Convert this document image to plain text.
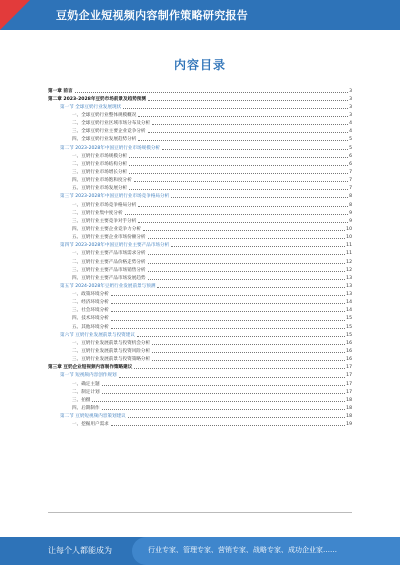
豆奶企业短视频内容制作策略研究报告
内容目录
第一章 前言	3
第二章 2023-2028年豆奶市场前景及趋势预测	3
第一节 全球豆奶行业发展现状	3
一、全球豆奶行业整体规模概况	3
二、全球豆奶行业区域市场分布及分析	4
三、全球豆奶行业主要企业竞争分析	4
四、全球豆奶行业发展趋势分析	5
第二节 2023-2028年中国豆奶行业市场规模分析	5
一、豆奶行业市场规模分析	6
二、豆奶行业市场结构分析	6
三、豆奶行业市场增长分析	7
四、豆奶行业市场饱和度分析	7
五、豆奶行业市场发展分析	7
第三节 2023-2028年中国豆奶行业市场竞争格局分析	8
一、豆奶行业市场竞争格局分析	8
二、豆奶行业集中度分析	9
三、豆奶行业主要竞争对手分析	9
四、豆奶行业主要企业竞争力分析	10
五、豆奶行业主要企业市场份额分析	10
第四节 2023-2028年中国豆奶行业主要产品市场分析	11
一、豆奶行业主要产品市场需求分析	11
二、豆奶行业主要产品价格走势分析	12
三、豆奶行业主要产品市场销售分析	12
四、豆奶行业主要产品市场发展趋势	13
第五节 2024-2028年豆奶行业发展前景与预测	13
一、政策环境分析	13
二、经济环境分析	14
三、社会环境分析	14
四、技术环境分析	15
五、其他环境分析	15
第六节 豆奶行业发展前景与投资建议	15
一、豆奶行业发展前景与投资机会分析	16
二、豆奶行业发展前景与投资风险分析	16
三、豆奶行业发展前景与投资策略分析	16
第三章 豆奶企业短视频内容制作策略建议	17
第一节 短视频内容创作规划	17
一、确定主题	17
二、制定计划	17
三、拍摄	18
四、后期制作	18
第二节 豆奶短视频内容策划建议	18
一、挖掘用户需求	19
让每个人都能成为	行业专家、管理专家、营销专家、战略专家、成功企业家……
